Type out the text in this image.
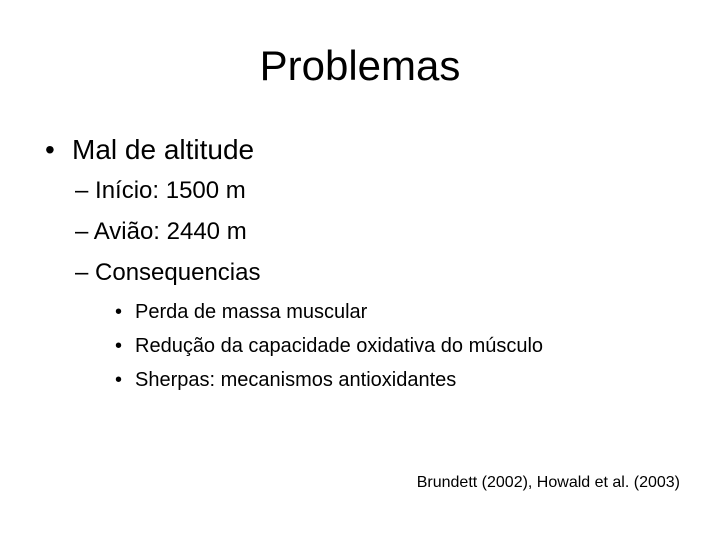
Problemas
• Mal de altitude
– Início: 1500 m
– Avião: 2440 m
– Consequencias
• Perda de massa muscular
• Redução da capacidade oxidativa do músculo
• Sherpas: mecanismos antioxidantes
Brundett (2002), Howald et al. (2003)
